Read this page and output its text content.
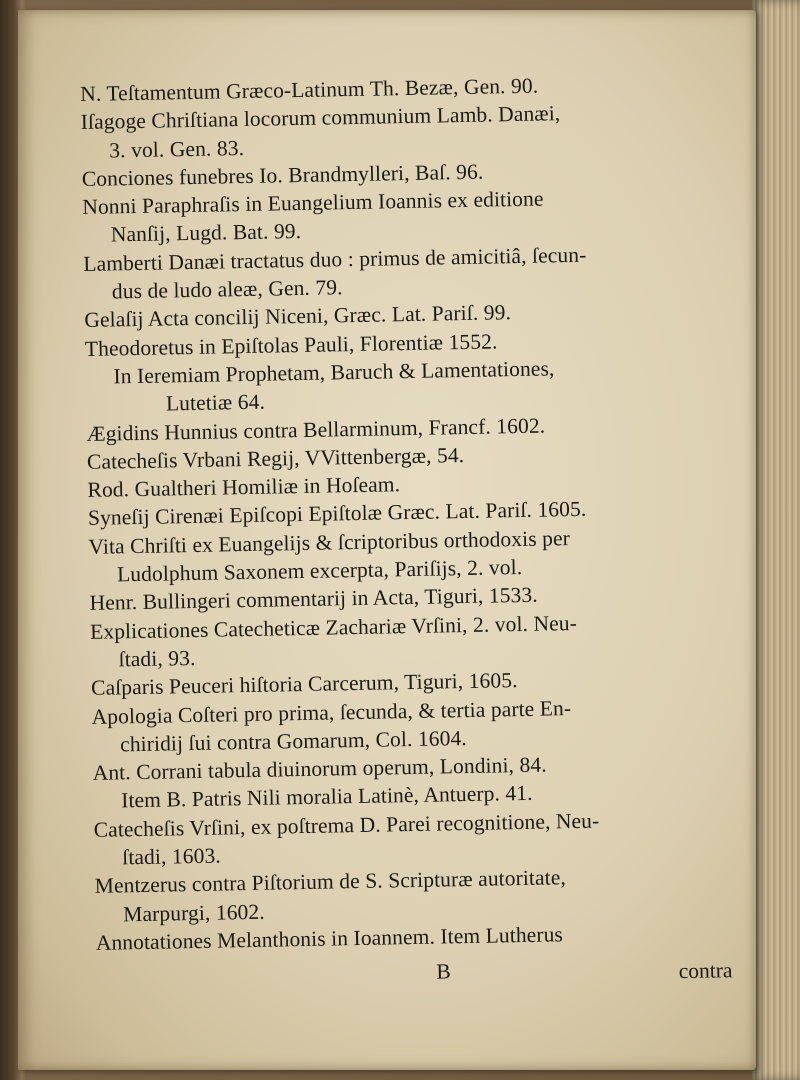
N. Teſtamentum Græco-Latinum Th. Bezæ, Gen. 90.
Iſagoge Chriſtiana locorum communium Lamb. Danæi,
3. vol. Gen. 83.
Conciones funebres Io. Brandmylleri, Baſ. 96.
Nonni Paraphraſis in Euangelium Ioannis ex editione
Nanſij, Lugd. Bat. 99.
Lamberti Danæi tractatus duo : primus de amicitiâ, ſecun-
dus de ludo aleæ, Gen. 79.
Gelaſij Acta concilij Niceni, Græc. Lat. Pariſ. 99.
Theodoretus in Epiſtolas Pauli, Florentiæ 1552.
In Ieremiam Prophetam, Baruch & Lamentationes,
Lutetiæ 64.
Ægidins Hunnius contra Bellarminum, Francf. 1602.
Catecheſis Vrbani Regij, VVittenbergæ, 54.
Rod. Gualtheri Homiliæ in Hoſeam.
Syneſij Cirenæi Epiſcopi Epiſtolæ Græc. Lat. Pariſ. 1605.
Vita Chriſti ex Euangelijs & ſcriptoribus orthodoxis per
Ludolphum Saxonem excerpta, Pariſijs, 2. vol.
Henr. Bullingeri commentarij in Acta, Tiguri, 1533.
Explicationes Catecheticæ Zachariæ Vrſini, 2. vol. Neu-
ſtadi, 93.
Caſparis Peuceri hiſtoria Carcerum, Tiguri, 1605.
Apologia Coſteri pro prima, ſecunda, & tertia parte En-
chiridij ſui contra Gomarum, Col. 1604.
Ant. Corrani tabula diuinorum operum, Londini, 84.
Item B. Patris Nili moralia Latinè, Antuerp. 41.
Catecheſis Vrſini, ex poſtrema D. Parei recognitione, Neu-
ſtadi, 1603.
Mentzerus contra Piſtorium de S. Scripturæ autoritate,
Marpurgi, 1602.
Annotationes Melanthonis in Ioannem. Item Lutherus
B	contra
